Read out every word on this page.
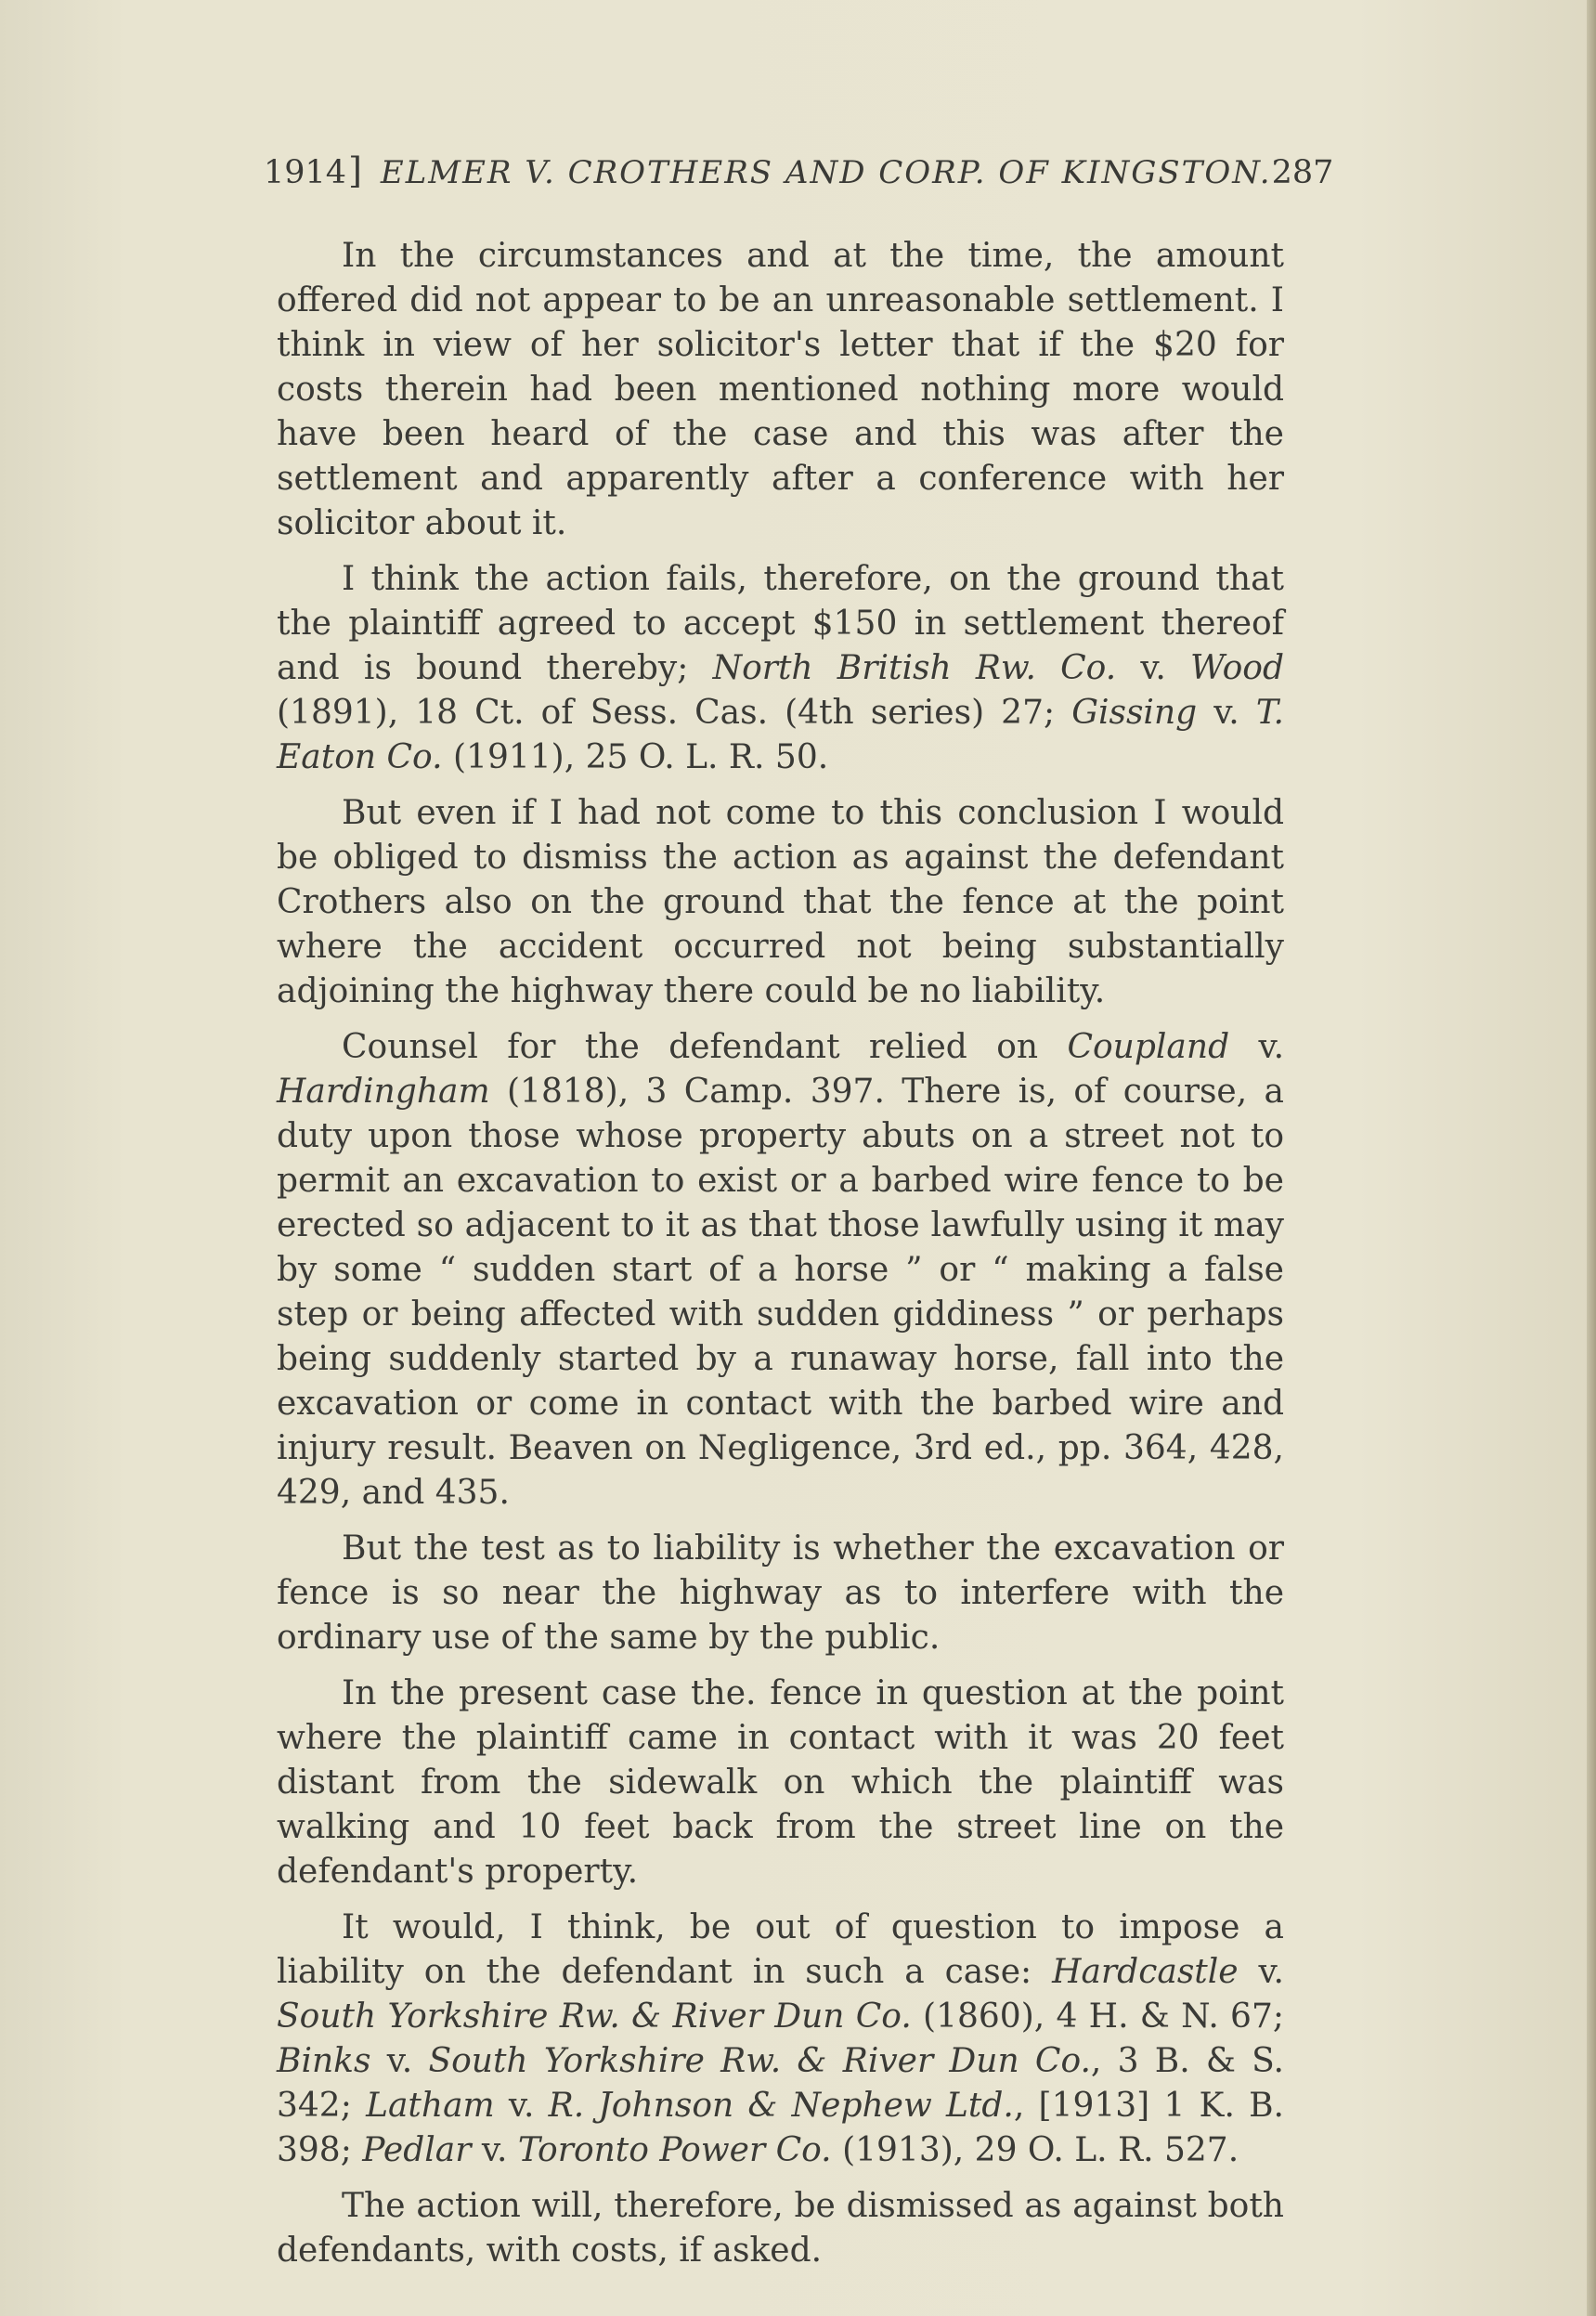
1914] ELMER V. CROTHERS AND CORP. OF KINGSTON. 287

In the circumstances and at the time, the amount offered did not appear to be an unreasonable settlement. I think in view of her solicitor's letter that if the $20 for costs therein had been mentioned nothing more would have been heard of the case and this was after the settlement and apparently after a conference with her solicitor about it.

I think the action fails, therefore, on the ground that the plaintiff agreed to accept $150 in settlement thereof and is bound thereby; North British Rw. Co. v. Wood (1891), 18 Ct. of Sess. Cas. (4th series) 27; Gissing v. T. Eaton Co. (1911), 25 O. L. R. 50.

But even if I had not come to this conclusion I would be obliged to dismiss the action as against the defendant Crothers also on the ground that the fence at the point where the accident occurred not being substantially adjoining the highway there could be no liability.

Counsel for the defendant relied on Coupland v. Hardingham (1818), 3 Camp. 397. There is, of course, a duty upon those whose property abuts on a street not to permit an excavation to exist or a barbed wire fence to be erected so adjacent to it as that those lawfully using it may by some “ sudden start of a horse ” or “ making a false step or being affected with sudden giddiness ” or perhaps being suddenly started by a runaway horse, fall into the excavation or come in contact with the barbed wire and injury result. Beaven on Negligence, 3rd ed., pp. 364, 428, 429, and 435.

But the test as to liability is whether the excavation or fence is so near the highway as to interfere with the ordinary use of the same by the public.

In the present case the. fence in question at the point where the plaintiff came in contact with it was 20 feet distant from the sidewalk on which the plaintiff was walking and 10 feet back from the street line on the defendant's property.

It would, I think, be out of question to impose a liability on the defendant in such a case: Hardcastle v. South Yorkshire Rw. & River Dun Co. (1860), 4 H. & N. 67; Binks v. South Yorkshire Rw. & River Dun Co., 3 B. & S. 342; Latham v. R. Johnson & Nephew Ltd., [1913] 1 K. B. 398; Pedlar v. Toronto Power Co. (1913), 29 O. L. R. 527.

The action will, therefore, be dismissed as against both defendants, with costs, if asked.
